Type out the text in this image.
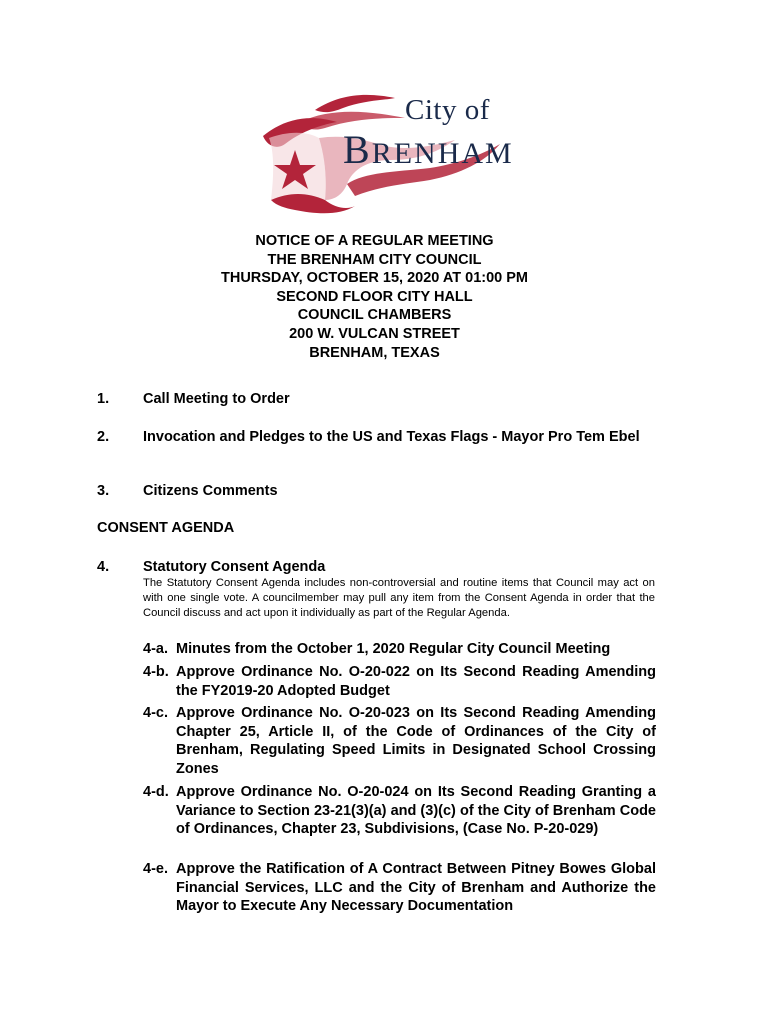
City of
BRENHAM
NOTICE OF A REGULAR MEETING
THE BRENHAM CITY COUNCIL
THURSDAY, OCTOBER 15, 2020 AT 01:00 PM
SECOND FLOOR CITY HALL
COUNCIL CHAMBERS
200 W. VULCAN STREET
BRENHAM, TEXAS
1. Call Meeting to Order
2. Invocation and Pledges to the US and Texas Flags - Mayor Pro Tem Ebel
3. Citizens Comments
CONSENT AGENDA
4. Statutory Consent Agenda
The Statutory Consent Agenda includes non-controversial and routine items that Council may act on with one single vote. A councilmember may pull any item from the Consent Agenda in order that the Council discuss and act upon it individually as part of the Regular Agenda.
4-a. Minutes from the October 1, 2020 Regular City Council Meeting
4-b. Approve Ordinance No. O-20-022 on Its Second Reading Amending the FY2019-20 Adopted Budget
4-c. Approve Ordinance No. O-20-023 on Its Second Reading Amending Chapter 25, Article II, of the Code of Ordinances of the City of Brenham, Regulating Speed Limits in Designated School Crossing Zones
4-d. Approve Ordinance No. O-20-024 on Its Second Reading Granting a Variance to Section 23-21(3)(a) and (3)(c) of the City of Brenham Code of Ordinances, Chapter 23, Subdivisions, (Case No. P-20-029)
4-e. Approve the Ratification of A Contract Between Pitney Bowes Global Financial Services, LLC and the City of Brenham and Authorize the Mayor to Execute Any Necessary Documentation
